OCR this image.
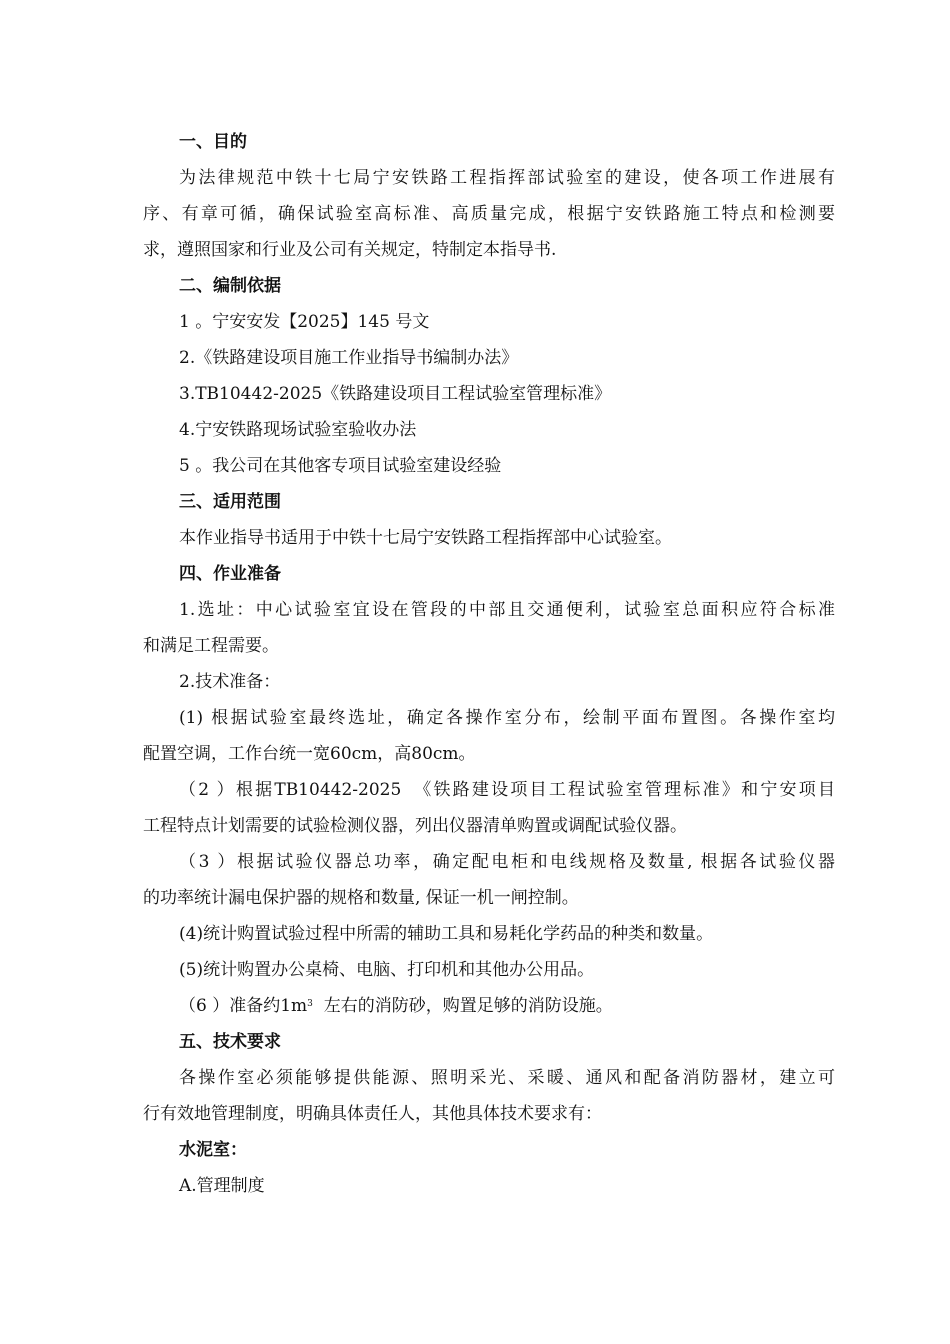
一、目的

为法律规范中铁十七局宁安铁路工程指挥部试验室的建设，使各项工作进展有

序、有章可循，确保试验室高标准、高质量完成，根据宁安铁路施工特点和检测要

求，遵照国家和行业及公司有关规定，特制定本指导书.

二、编制依据

1 。宁安安发【2025】145 号文

2.《铁路建设项目施工作业指导书编制办法》

3.TB10442-2025《铁路建设项目工程试验室管理标准》

4.宁安铁路现场试验室验收办法

5 。我公司在其他客专项目试验室建设经验

三、适用范围

本作业指导书适用于中铁十七局宁安铁路工程指挥部中心试验室。

四、作业准备

1.选址：中心试验室宜设在管段的中部且交通便利，试验室总面积应符合标准

和满足工程需要。

2.技术准备：

(1) 根据试验室最终选址，确定各操作室分布，绘制平面布置图。各操作室均

配置空调，工作台统一宽60cm，高80cm。

（2 ）根据TB10442-2025　《铁路建设项目工程试验室管理标准》和宁安项目

工程特点计划需要的试验检测仪器，列出仪器清单购置或调配试验仪器。

（3 ）根据试验仪器总功率，确定配电柜和电线规格及数量, 根据各试验仪器

的功率统计漏电保护器的规格和数量, 保证一机一闸控制。

(4)统计购置试验过程中所需的辅助工具和易耗化学药品的种类和数量。

(5)统计购置办公桌椅、电脑、打印机和其他办公用品。

（6 ）准备约$1m^3$  左右的消防砂，购置足够的消防设施。

五、技术要求

各操作室必须能够提供能源、照明采光、采暖、通风和配备消防器材，建立可

行有效地管理制度，明确具体责任人，其他具体技术要求有：

水泥室：

A.管理制度
